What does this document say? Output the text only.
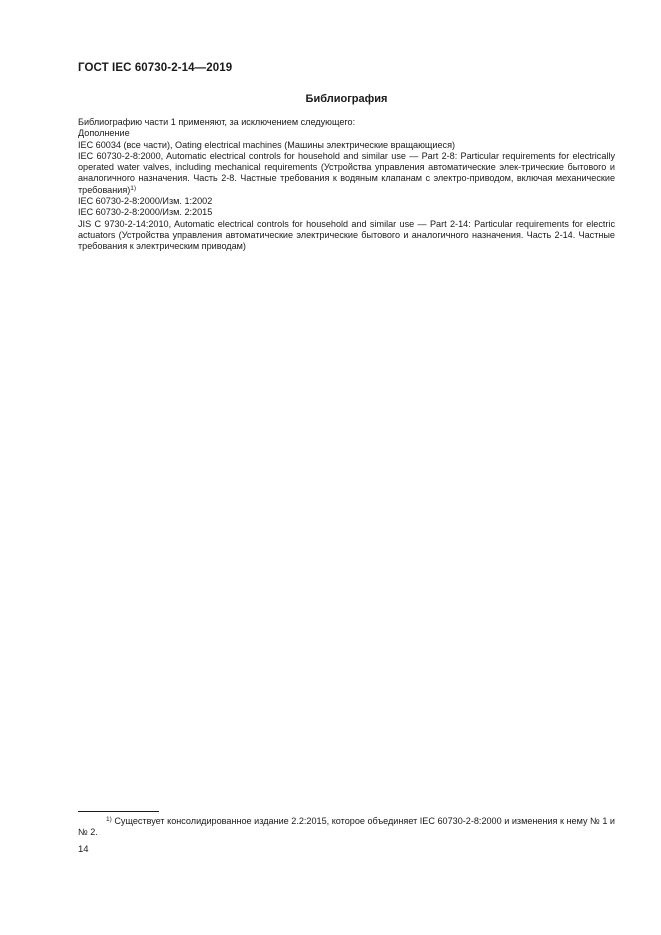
ГОСТ IEC 60730-2-14—2019
Библиография

Библиографию части 1 применяют, за исключением следующего:

Дополнение

IEC 60034 (все части), Oating electrical machines (Машины электрические вращающиеся)

IEC 60730-2-8:2000, Automatic electrical controls for household and similar use — Part 2-8: Particular requirements for electrically operated water valves, including mechanical requirements (Устройства управления автоматические элек-трические бытового и аналогичного назначения. Часть 2-8. Частные требования к водяным клапанам с электро-приводом, включая механические требования)$^{1)}$

IEC 60730-2-8:2000/Изм. 1:2002

IEC 60730-2-8:2000/Изм. 2:2015

JIS C 9730-2-14:2010, Automatic electrical controls for household and similar use — Part 2-14: Particular requirements for electric actuators (Устройства управления автоматические электрические бытового и аналогичного назначения. Часть 2-14. Частные требования к электрическим приводам)

$^{1)}$ Существует консолидированное издание 2.2:2015, которое объединяет IEC 60730-2-8:2000 и изменения к нему № 1 и № 2.

14
